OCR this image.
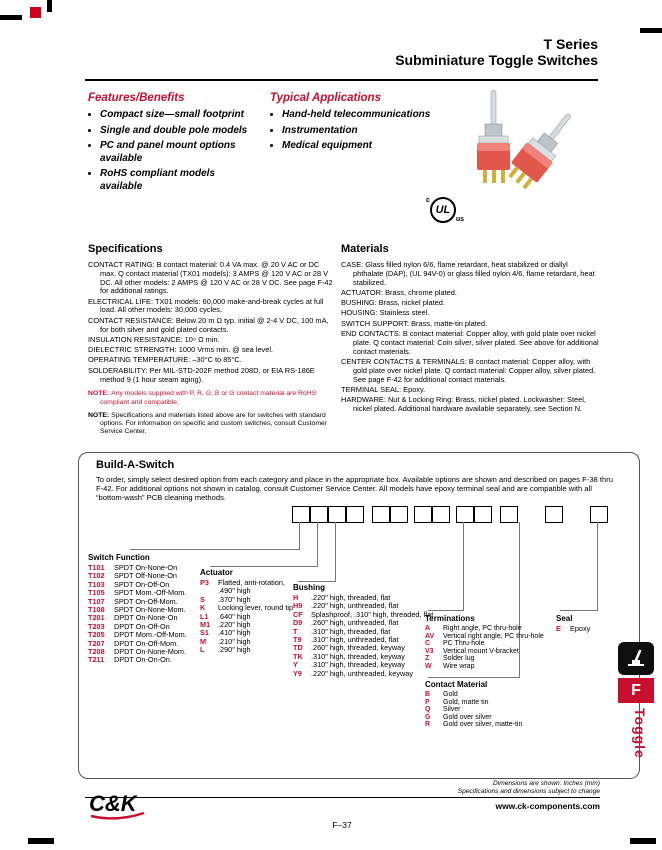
T Series
Subminiature Toggle Switches
Features/Benefits
• Compact size—small footprint
• Single and double pole models
• PC and panel mount options available
• RoHS compliant models available
Typical Applications
• Hand-held telecommunications
• Instrumentation
• Medical equipment
cULus
Specifications
CONTACT RATING: B contact material: 0.4 VA max. @ 20 V AC or DC max. Q contact material (TX01 models): 3 AMPS @ 120 V AC or 28 V DC. All other models: 2 AMPS @ 120 V AC or 28 V DC. See page F-42 for additional ratings.
ELECTRICAL LIFE: TX01 models: 60,000 make-and-break cycles at full load. All other models: 30,000 cycles.
CONTACT RESISTANCE: Below 20 m Ω typ. initial @ 2-4 V DC, 100 mA, for both silver and gold plated contacts.
INSULATION RESISTANCE: 10⁹ Ω min.
DIELECTRIC STRENGTH: 1000 Vrms min. @ sea level.
OPERATING TEMPERATURE: –30°C to 85°C.
SOLDERABILITY: Per MIL-STD-202F method 208D, or EIA RS-186E method 9 (1 hour steam aging).
NOTE: Any models supplied with P, R, G, B or G contact material are RoHS compliant and compatible.
NOTE: Specifications and materials listed above are for switches with standard options. For information on specific and custom switches, consult Customer Service Center.
Materials
CASE: Glass filled nylon 6/6, flame retardant, heat stabilized or diallyl phthalate (DAP), (UL 94V-0) or glass filled nylon 4/6, flame retardant, heat stabilized.
ACTUATOR: Brass, chrome plated.
BUSHING: Brass, nickel plated.
HOUSING: Stainless steel.
SWITCH SUPPORT: Brass, matte-tin plated.
END CONTACTS: B contact material: Copper alloy, with gold plate over nickel plate. Q contact material: Coin silver, silver plated. See above for additional contact materials.
CENTER CONTACTS & TERMINALS: B contact material: Copper alloy, with gold plate over nickel plate. Q contact material: Copper alloy, silver plated. See page F-42 for additional contact materials.
TERMINAL SEAL: Epoxy.
HARDWARE: Nut & Locking Ring: Brass, nickel plated. Lockwasher: Steel, nickel plated. Additional hardware available separately, see Section N.
Build-A-Switch
To order, simply select desired option from each category and place in the appropriate box. Available options are shown and described on pages F-38 thru F-42. For additional options not shown in catalog, consult Customer Service Center. All models have epoxy terminal seal and are compatible with all “bottom-wash” PCB cleaning methods.
Switch Function
T101	SPDT On-None-On
T102	SPDT Off-None-On
T103	SPDT On-Off-On
T105	SPDT Mom.-Off-Mom.
T107	SPDT On-Off-Mom.
T108	SPDT On-None-Mom.
T201	DPDT On-None-On
T203	DPDT On-Off-On
T205	DPDT Mom.-Off-Mom.
T207	DPDT On-Off-Mom.
T208	DPDT On-None-Mom.
T211	DPDT On-On-On.
Actuator
P3	Flatted, anti-rotation, .490" high
S	.370" high
K	Locking lever, round tip
L1	.640" high
M1	.220" high
S1	.410" high
M	.210" high
L	.290" high
Bushing
H	.220" high, threaded, flat
H9	.220" high, unthreaded, flat
CF	Splashproof, .310" high, threaded, flat
D9	.260" high, unthreaded, flat
T	.310" high, threaded, flat
T9	.310" high, unthreaded, flat
TD	.260" high, threaded, keyway
TK	.310" high, threaded, keyway
Y	.310" high, threaded, keyway
Y9	.220" high, unthreaded, keyway
Terminations
A	Right angle, PC thru-hole
AV	Vertical right angle, PC thru-hole
C	PC Thru-hole
V3	Vertical mount V-bracket
Z	Solder lug
W	Wire wrap
Contact Material
B	Gold
P	Gold, matte tin
Q	Silver
G	Gold over silver
R	Gold over silver, matte-tin
Seal
E	Epoxy
Dimensions are shown: Inches (mm)
Specifications and dimensions subject to change
www.ck-components.com
F–37
C&K
F
Toggle
